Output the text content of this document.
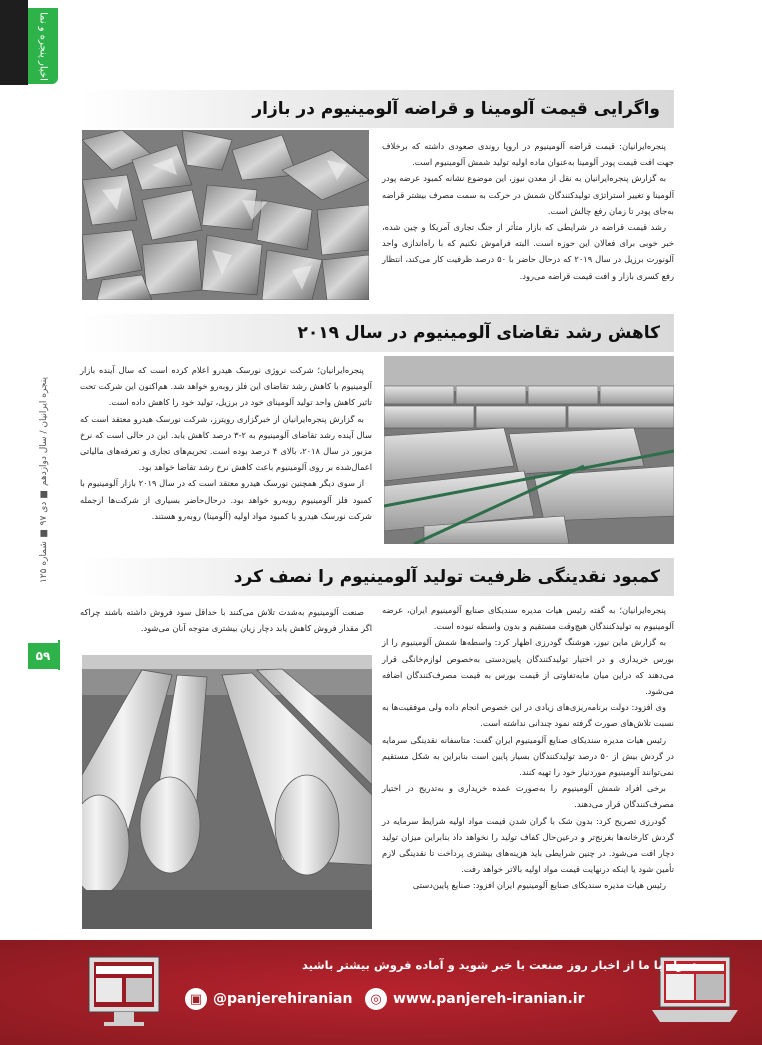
اخبار پنجره و نما
پنجره ایرانیان / سال دوازدهم ■ دی ۹۷ ■ شماره ۱۲۵
۵۹
واگرایی قیمت آلومینا و قراضه آلومینیوم در بازار

پنجره‌ایرانیان: قیمت قراضه آلومینیوم در اروپا روندی صعودی داشته که برخلاف جهت افت قیمت پودر آلومینا به‌عنوان ماده اولیه تولید شمش آلومینیوم است.

به گزارش پنجره‌ایرانیان به نقل از معدن نیوز، این موضوع نشانه کمبود عرضه پودر آلومینا و تغییر استراتژی تولیدکنندگان شمش در حرکت به سمت مصرف بیشتر قراضه به‌جای پودر تا زمان رفع چالش است.

رشد قیمت قراضه در شرایطی که بازار متأثر از جنگ تجاری آمریکا و چین شده، خبر خوبی برای فعالان این حوزه است. البته فراموش نکنیم که با راه‌اندازی واحد آلونورت برزیل در سال ۲۰۱۹ که درحال حاضر با ۵۰ درصد ظرفیت کار می‌کند، انتظار رفع کسری بازار و افت قیمت قراضه می‌رود.

کاهش رشد تقاضای آلومینیوم در سال ۲۰۱۹

پنجره‌ایرانیان؛ شرکت نروژی نورسک هیدرو اعلام کرده است که سال آینده بازار آلومینیوم با کاهش رشد تقاضای این فلز روبه‌رو خواهد شد. هم‌اکنون این شرکت تحت تاثیر کاهش واحد تولید آلومینای خود در برزیل، تولید خود را کاهش داده است.

به گزارش پنجره‌ایرانیان از خبرگزاری رویترز، شرکت نورسک هیدرو معتقد است که سال آینده رشد تقاضای آلومینیوم به ۲-۳ درصد کاهش یابد. این در حالی است که نرخ مزبور در سال ۲۰۱۸، بالای ۴ درصد بوده است. تحریم‌های تجاری و تعرفه‌های مالیاتی اعمال‌شده بر روی آلومینیوم باعث کاهش نرخ رشد تقاضا خواهد بود.

از سوی دیگر همچنین نورسک هیدرو معتقد است که در سال ۲۰۱۹ بازار آلومینیوم با کمبود فلز آلومینیوم روبه‌رو خواهد بود. درحال‌حاضر بسیاری از شرکت‌ها ازجمله شرکت نورسک هیدرو با کمبود مواد اولیه (آلومینا) روبه‌رو هستند.

کمبود نقدینگی ظرفیت تولید آلومینیوم را نصف کرد

پنجره‌ایرانیان؛ به گفته رئیس هیات مدیره سندیکای صنایع آلومینیوم ایران، عرضه آلومینیوم به تولیدکنندگان هیچ‌وقت مستقیم و بدون واسطه نبوده است.

به گزارش ماین نیوز، هوشنگ گودرزی اظهار کرد: واسطه‌ها شمش آلومینیوم را از بورس خریداری و در اختیار تولیدکنندگان پایین‌دستی به‌خصوص لوازم‌خانگی قرار می‌دهند که دراین میان مابه‌تفاوتی از قیمت بورس به قیمت مصرف‌کنندگان اضافه می‌شود.

وی افزود: دولت برنامه‌ریزی‌های زیادی در این خصوص انجام داده ولی موفقیت‌ها به نسبت تلاش‌های صورت گرفته نمود چندانی نداشته است.

رئیس هیات مدیره سندیکای صنایع آلومینیوم ایران گفت: متاسفانه نقدینگی سرمایه در گردش بیش از ۵۰ درصد تولیدکنندگان بسیار پایین است بنابراین به شکل مستقیم نمی‌توانند آلومینیوم موردنیاز خود را تهیه کنند.

برخی افراد شمش آلومینیوم را به‌صورت عمده خریداری و به‌تدریج در اختیار مصرف‌کنندگان قرار می‌دهند.

گودرزی تصریح کرد: بدون شک با گران شدن قیمت مواد اولیه شرایط سرمایه در گردش کارخانه‌ها بغرنج‌تر و درعین‌حال کفاف تولید را نخواهد داد بنابراین میزان تولید دچار افت می‌شود. در چنین شرایطی باید هزینه‌های بیشتری پرداخت تا نقدینگی لازم تأمین شود یا اینکه درنهایت قیمت مواد اولیه بالاتر خواهد رفت.

رئیس هیات مدیره سندیکای صنایع آلومینیوم ایران افزود: صنایع پایین‌دستی

صنعت آلومینیوم به‌شدت تلاش می‌کنند با حداقل سود فروش داشته باشند چراکه اگر مقدار فروش کاهش یابد دچار زیان بیشتری متوجه آنان می‌شود.

همراه با ما از اخبار روز صنعت با خبر شوید و آماده فروش بیشتر باشید
◎ www.panjereh-iranian.ir
▣ @panjerehiranian
